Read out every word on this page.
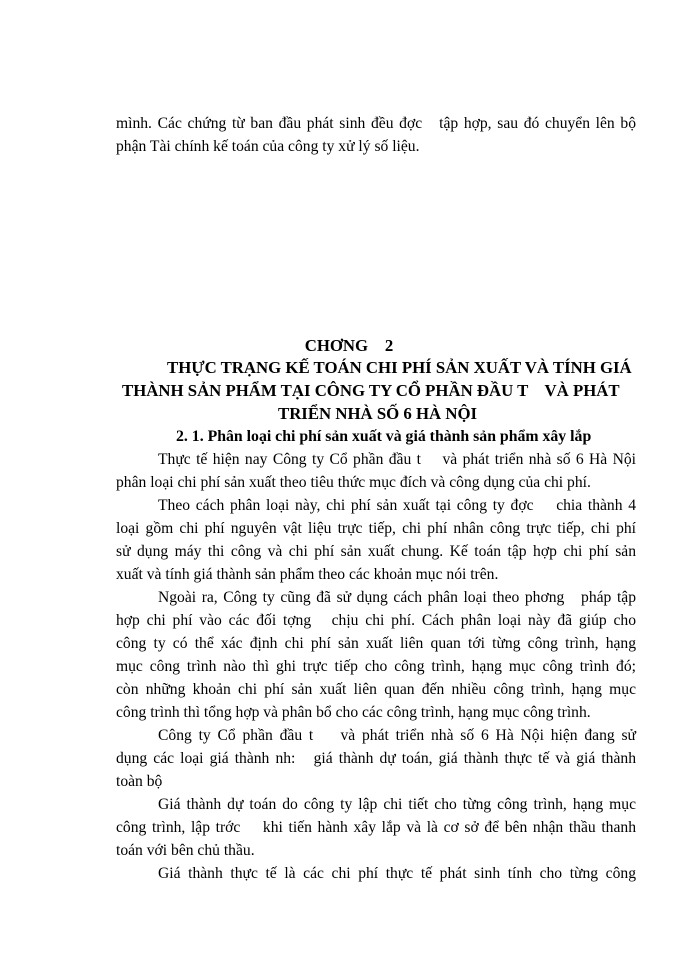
mình. Các chứng từ ban đầu phát sinh đều đợc   tập hợp, sau đó chuyển lên bộ
phận Tài chính kế toán của công ty xử lý số liệu.
CHƠNG    2
THỰC TRẠNG KẾ TOÁN CHI PHÍ SẢN XUẤT VÀ TÍNH GIÁ
THÀNH SẢN PHẨM TẠI CÔNG TY CỔ PHẦN ĐẦU T    VÀ PHÁT
TRIỂN NHÀ SỐ 6 HÀ NỘI
2. 1. Phân loại chi phí sản xuất và giá thành sản phẩm xây lắp
Thực tế hiện nay Công ty Cổ phần đầu t    và phát triển nhà số 6 Hà Nội
phân loại chi phí sản xuất theo tiêu thức mục đích và công dụng của chi phí.
Theo cách phân loại này, chi phí sản xuất tại công ty đợc    chia thành 4
loại gồm chi phí nguyên vật liệu trực tiếp, chi phí nhân công trực tiếp, chi phí
sử dụng máy thi công và chi phí sản xuất chung. Kế toán tập hợp chi phí sản
xuất và tính giá thành sản phẩm theo các khoản mục nói trên.
Ngoài ra, Công ty cũng đã sử dụng cách phân loại theo phơng   pháp tập
hợp chi phí vào các đối tợng   chịu chi phí. Cách phân loại này đã giúp cho
công ty có thể xác định chi phí sản xuất liên quan tới từng công trình, hạng
mục công trình nào thì ghi trực tiếp cho công trình, hạng mục công trình đó;
còn những khoản chi phí sản xuất liên quan đến nhiều công trình, hạng mục
công trình thì tổng hợp và phân bổ cho các công trình, hạng mục công trình.
Công ty Cổ phần đầu t    và phát triển nhà số 6 Hà Nội hiện đang sử
dụng các loại giá thành nh:   giá thành dự toán, giá thành thực tế và giá thành
toàn bộ
Giá thành dự toán do công ty lập chi tiết cho từng công trình, hạng mục
công trình, lập trớc    khi tiến hành xây lắp và là cơ sở để bên nhận thầu thanh
toán với bên chủ thầu.
Giá thành thực tế là các chi phí thực tế phát sinh tính cho từng công
